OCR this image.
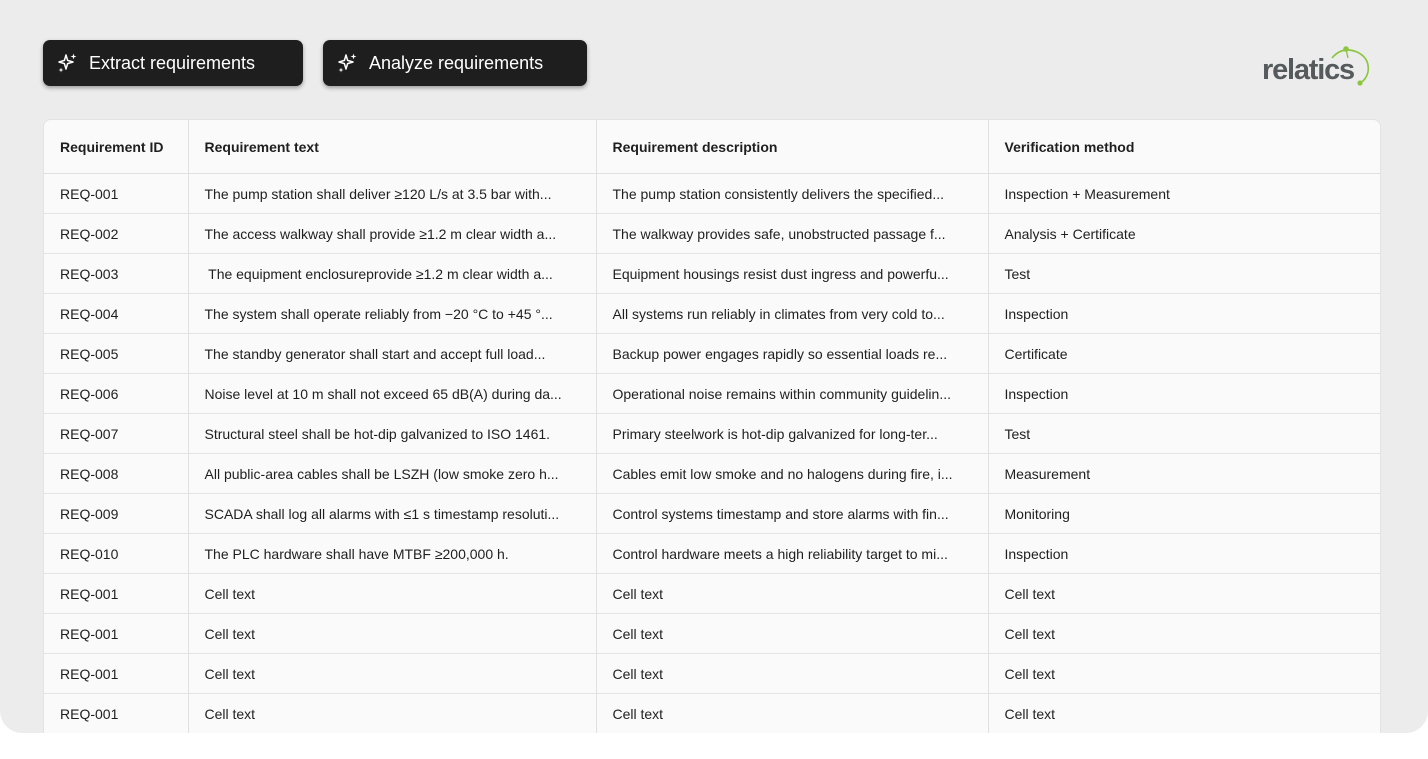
Extract requirements	Analyze requirements	relatics
Requirement ID	Requirement text	Requirement description	Verification method
REQ-001	The pump station shall deliver ≥120 L/s at 3.5 bar with...	The pump station consistently delivers the specified...	Inspection + Measurement
REQ-002	The access walkway shall provide ≥1.2 m clear width a...	The walkway provides safe, unobstructed passage f...	Analysis + Certificate
REQ-003	The equipment enclosureprovide ≥1.2 m clear width a...	Equipment housings resist dust ingress and powerfu...	Test
REQ-004	The system shall operate reliably from −20 °C to +45 °...	All systems run reliably in climates from very cold to...	Inspection
REQ-005	The standby generator shall start and accept full load...	Backup power engages rapidly so essential loads re...	Certificate
REQ-006	Noise level at 10 m shall not exceed 65 dB(A) during da...	Operational noise remains within community guidelin...	Inspection
REQ-007	Structural steel shall be hot-dip galvanized to ISO 1461.	Primary steelwork is hot-dip galvanized for long-ter...	Test
REQ-008	All public-area cables shall be LSZH (low smoke zero h...	Cables emit low smoke and no halogens during fire, i...	Measurement
REQ-009	SCADA shall log all alarms with ≤1 s timestamp resoluti...	Control systems timestamp and store alarms with fin...	Monitoring
REQ-010	The PLC hardware shall have MTBF ≥200,000 h.	Control hardware meets a high reliability target to mi...	Inspection
REQ-001	Cell text	Cell text	Cell text
REQ-001	Cell text	Cell text	Cell text
REQ-001	Cell text	Cell text	Cell text
REQ-001	Cell text	Cell text	Cell text
